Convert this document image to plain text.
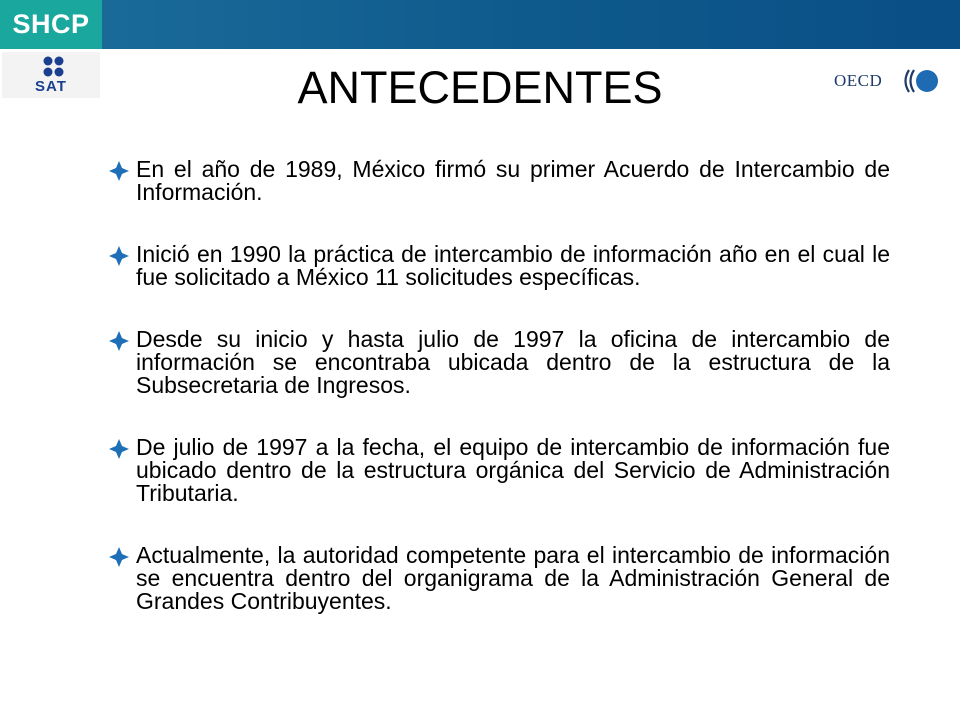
SHCP
SAT	ANTECEDENTES	OECD
En el año de 1989, México firmó su primer Acuerdo de Intercambio de Información.
Inició en 1990 la práctica de intercambio de información año en el cual le fue solicitado a México 11 solicitudes específicas.
Desde su inicio y hasta julio de 1997 la oficina de intercambio de información se encontraba ubicada dentro de la estructura de la Subsecretaria de Ingresos.
De julio de 1997 a la fecha, el equipo de intercambio de información fue ubicado dentro de la estructura orgánica del Servicio de Administración Tributaria.
Actualmente, la autoridad competente para el intercambio de información se encuentra dentro del organigrama de la Administración General de Grandes Contribuyentes.
